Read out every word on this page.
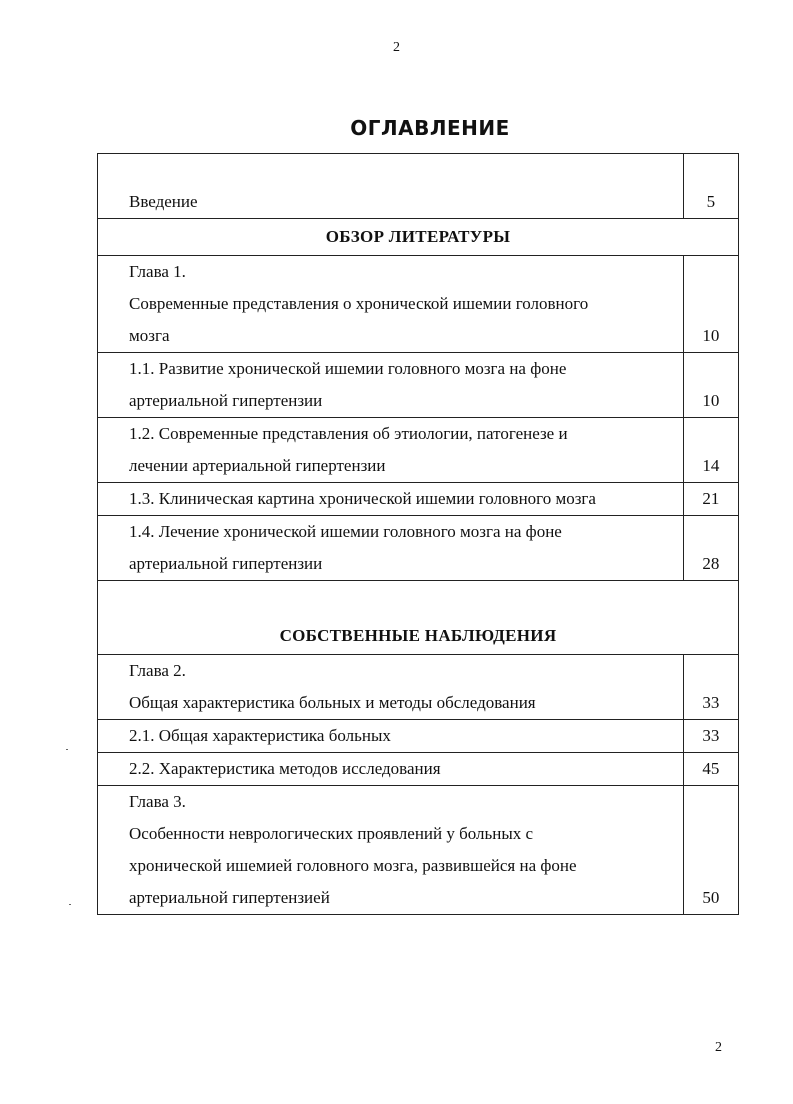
2
ОГЛАВЛЕНИЕ
Введение	5
ОБЗОР ЛИТЕРАТУРЫ	

Глава 1.
Современные представления о хронической ишемии головного
мозга	10

1.1. Развитие хронической ишемии головного мозга на фоне
артериальной гипертензии	10

1.2. Современные представления об этиологии, патогенезе и
лечении артериальной гипертензии	14

1.3. Клиническая картина хронической ишемии головного мозга	21

1.4. Лечение хронической ишемии головного мозга на фоне
артериальной гипертензии	28
СОБСТВЕННЫЕ НАБЛЮДЕНИЯ	

Глава 2.
Общая характеристика больных и методы обследования	33

2.1. Общая характеристика больных	33

2.2. Характеристика методов исследования	45

Глава 3.
Особенности неврологических проявлений у больных с
хронической ишемией головного мозга, развившейся на фоне
артериальной гипертензией	50
2
